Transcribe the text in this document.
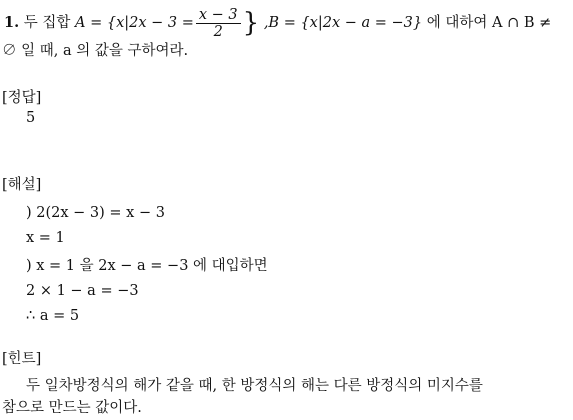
1. 두 집합 $A = \{x|2x - 3 = \frac{x - 3}{2}$ } ,B = {x|2x − a = −3} 에 대하여 A ∩ B ≠
∅ 일 때, a 의 값을 구하여라.
[정답]
5
[해설]
) 2(2x − 3) = x − 3
x = 1
) x = 1 을 2x − a = −3 에 대입하면
2 × 1 − a = −3
∴ a = 5
[힌트]
두 일차방정식의 해가 같을 때, 한 방정식의 해는 다른 방정식의 미지수를
참으로 만드는 값이다.
